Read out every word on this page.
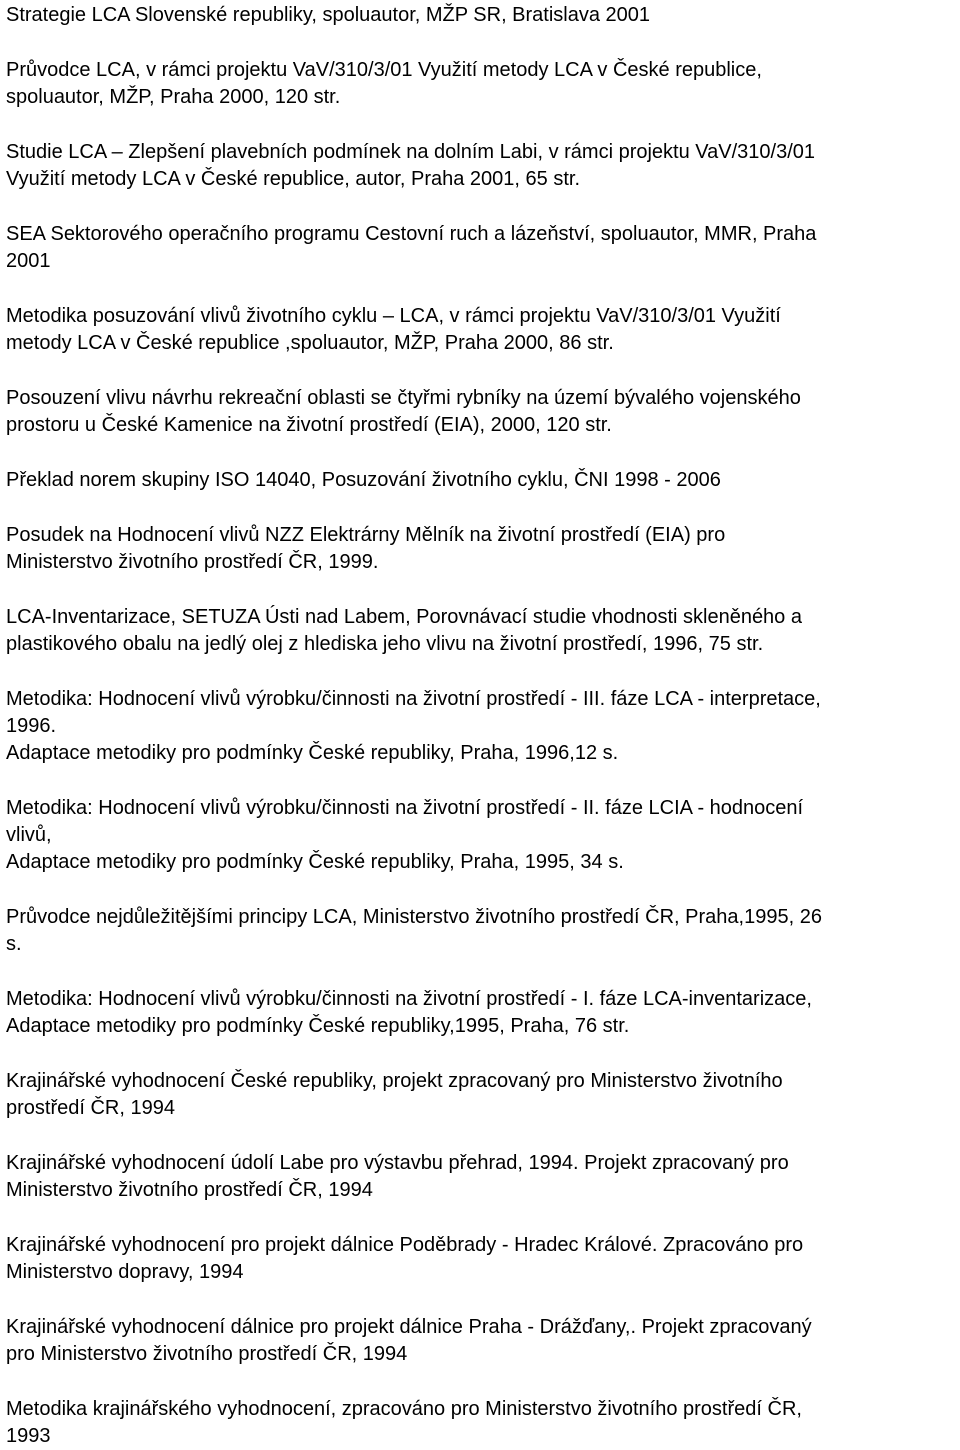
Strategie LCA Slovenské republiky, spoluautor, MŽP SR, Bratislava 2001

Průvodce LCA, v rámci projektu VaV/310/3/01 Využití metody LCA v České republice,
spoluautor, MŽP, Praha 2000, 120 str.

Studie LCA – Zlepšení plavebních podmínek na dolním Labi, v rámci projektu VaV/310/3/01
Využití metody LCA v České republice, autor, Praha 2001, 65 str.

SEA Sektorového operačního programu Cestovní ruch a lázeňství, spoluautor, MMR, Praha
2001

Metodika posuzování vlivů životního cyklu – LCA, v rámci projektu VaV/310/3/01 Využití
metody LCA v České republice ,spoluautor, MŽP, Praha 2000, 86 str.

Posouzení vlivu návrhu rekreační oblasti se čtyřmi rybníky na území bývalého vojenského
prostoru u České Kamenice na životní prostředí (EIA), 2000, 120 str.

Překlad norem skupiny ISO 14040, Posuzování životního cyklu, ČNI 1998 - 2006

Posudek na Hodnocení vlivů NZZ Elektrárny Mělník na životní prostředí (EIA) pro
Ministerstvo životního prostředí ČR, 1999.

LCA-Inventarizace, SETUZA Ústi nad Labem, Porovnávací studie vhodnosti skleněného a
plastikového obalu na jedlý olej z hlediska jeho vlivu na životní prostředí, 1996, 75 str.

Metodika: Hodnocení vlivů výrobku/činnosti na životní prostředí - III. fáze LCA - interpretace,
1996.
Adaptace metodiky pro podmínky České republiky, Praha, 1996,12 s.

Metodika: Hodnocení vlivů výrobku/činnosti na životní prostředí - II. fáze LCIA - hodnocení
vlivů,
Adaptace metodiky pro podmínky České republiky, Praha, 1995, 34 s.

Průvodce nejdůležitějšími principy LCA, Ministerstvo životního prostředí ČR, Praha,1995, 26
s.

Metodika: Hodnocení vlivů výrobku/činnosti na životní prostředí - I. fáze LCA-inventarizace,
Adaptace metodiky pro podmínky České republiky,1995, Praha, 76 str.

Krajinářské vyhodnocení České republiky, projekt zpracovaný pro Ministerstvo životního
prostředí ČR, 1994

Krajinářské vyhodnocení údolí Labe pro výstavbu přehrad, 1994. Projekt zpracovaný pro
Ministerstvo životního prostředí ČR, 1994

Krajinářské vyhodnocení pro projekt dálnice Poděbrady - Hradec Králové. Zpracováno pro
Ministerstvo dopravy, 1994

Krajinářské vyhodnocení dálnice pro projekt dálnice Praha - Drážďany,. Projekt zpracovaný
pro Ministerstvo životního prostředí ČR, 1994

Metodika krajinářského vyhodnocení, zpracováno pro Ministerstvo životního prostředí ČR,
1993
